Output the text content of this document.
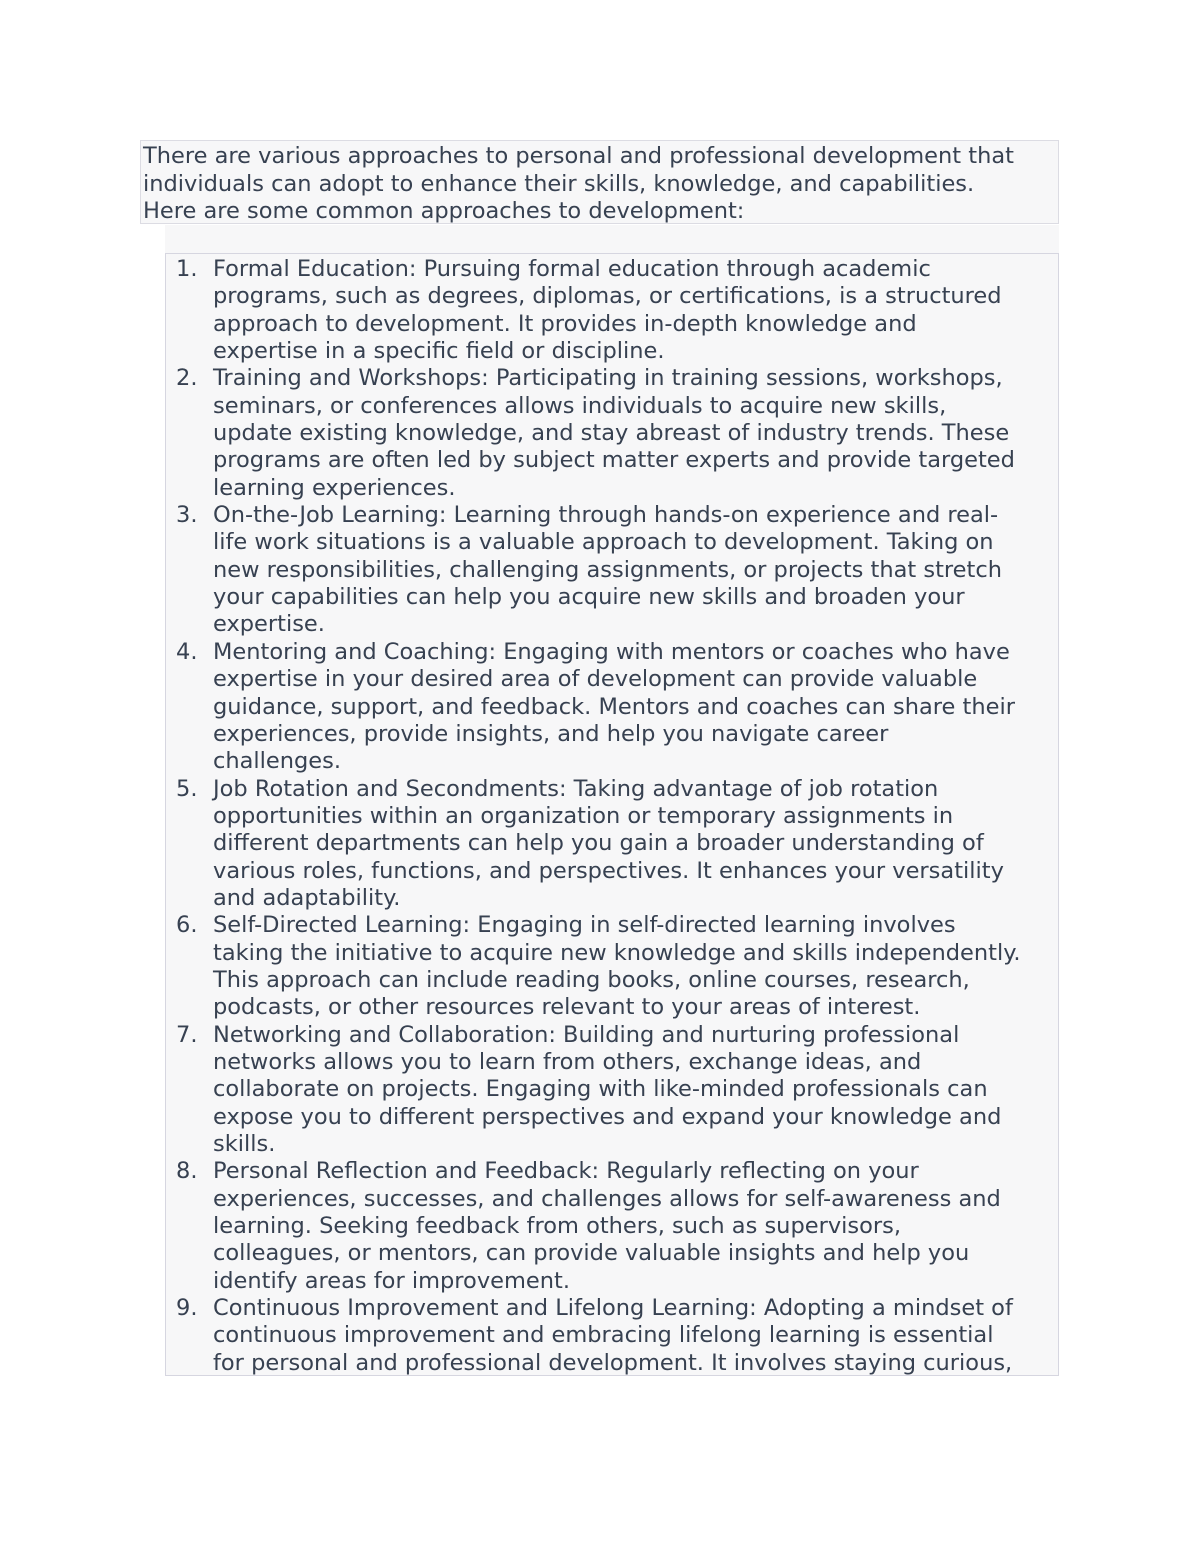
There are various approaches to personal and professional development that
individuals can adopt to enhance their skills, knowledge, and capabilities.
Here are some common approaches to development:
1. Formal Education: Pursuing formal education through academic
programs, such as degrees, diplomas, or certifications, is a structured
approach to development. It provides in-depth knowledge and
expertise in a specific field or discipline.
2. Training and Workshops: Participating in training sessions, workshops,
seminars, or conferences allows individuals to acquire new skills,
update existing knowledge, and stay abreast of industry trends. These
programs are often led by subject matter experts and provide targeted
learning experiences.
3. On-the-Job Learning: Learning through hands-on experience and real-
life work situations is a valuable approach to development. Taking on
new responsibilities, challenging assignments, or projects that stretch
your capabilities can help you acquire new skills and broaden your
expertise.
4. Mentoring and Coaching: Engaging with mentors or coaches who have
expertise in your desired area of development can provide valuable
guidance, support, and feedback. Mentors and coaches can share their
experiences, provide insights, and help you navigate career
challenges.
5. Job Rotation and Secondments: Taking advantage of job rotation
opportunities within an organization or temporary assignments in
different departments can help you gain a broader understanding of
various roles, functions, and perspectives. It enhances your versatility
and adaptability.
6. Self-Directed Learning: Engaging in self-directed learning involves
taking the initiative to acquire new knowledge and skills independently.
This approach can include reading books, online courses, research,
podcasts, or other resources relevant to your areas of interest.
7. Networking and Collaboration: Building and nurturing professional
networks allows you to learn from others, exchange ideas, and
collaborate on projects. Engaging with like-minded professionals can
expose you to different perspectives and expand your knowledge and
skills.
8. Personal Reflection and Feedback: Regularly reflecting on your
experiences, successes, and challenges allows for self-awareness and
learning. Seeking feedback from others, such as supervisors,
colleagues, or mentors, can provide valuable insights and help you
identify areas for improvement.
9. Continuous Improvement and Lifelong Learning: Adopting a mindset of
continuous improvement and embracing lifelong learning is essential
for personal and professional development. It involves staying curious,
